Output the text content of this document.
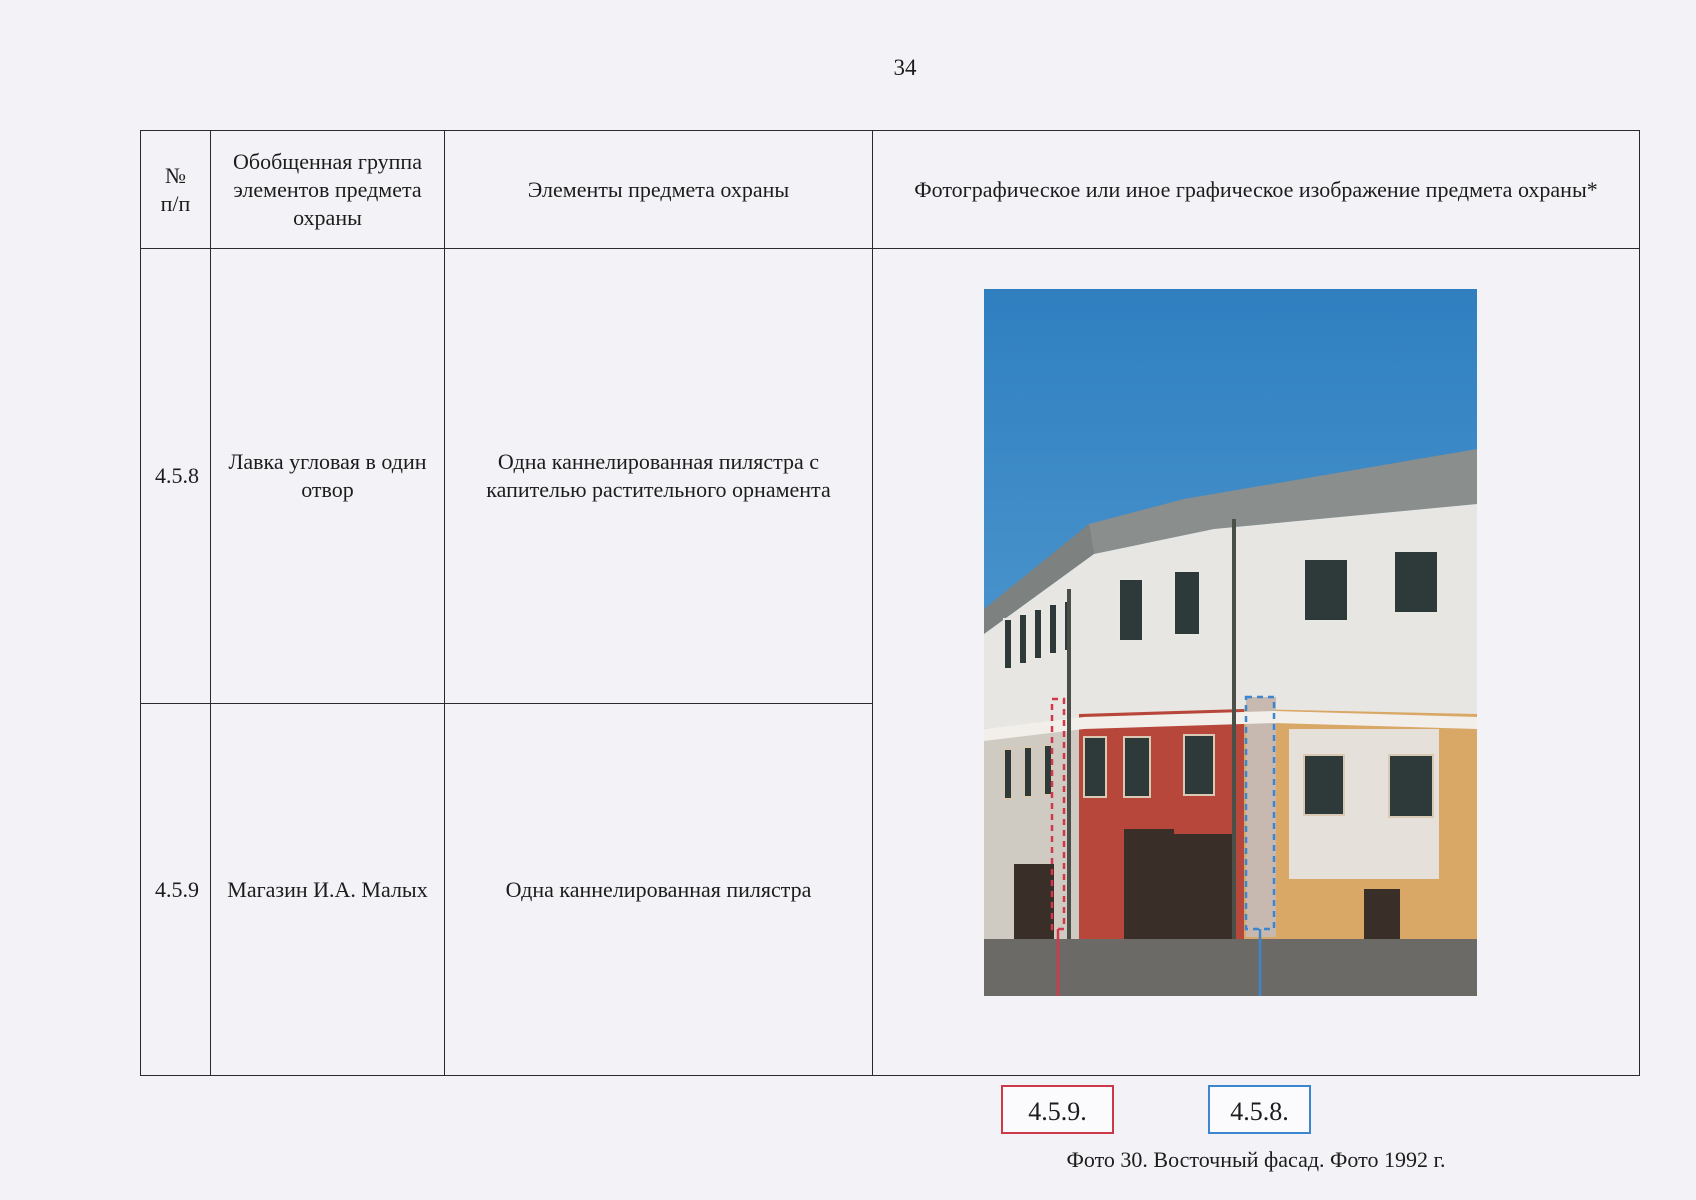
34
№ п/п	Обобщенная группа элементов предмета охраны	Элементы предмета охраны	Фотографическое или иное графическое изображение предмета охраны*
4.5.8	Лавка угловая в один отвор	Одна каннелированная пилястра с капителью растительного орнамента	4.5.9. 4.5.8.
Фото 30. Восточный фасад. Фото 1992 г.

4.5.9	Магазин И.А. Малых	Одна каннелированная пилястра	
